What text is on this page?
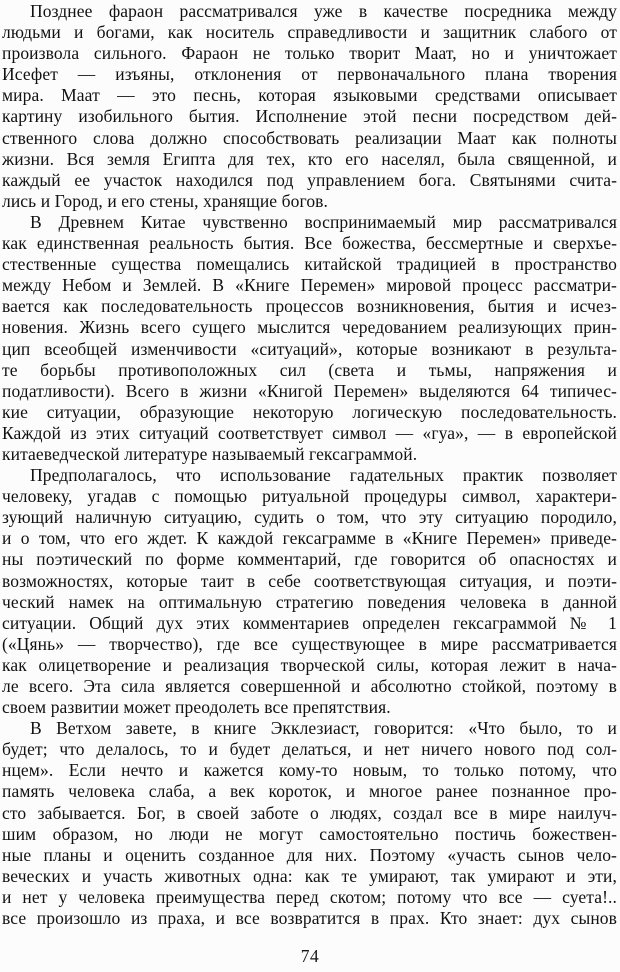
Позднее фараон рассматривался уже в качестве посредника между
людьми и богами, как носитель справедливости и защитник слабого от
произвола сильного. Фараон не только творит Маат, но и уничтожает
Исефет — изъяны, отклонения от первоначального плана творения
мира. Маат — это песнь, которая языковыми средствами описывает
картину изобильного бытия. Исполнение этой песни посредством дей-
ственного слова должно способствовать реализации Маат как полноты
жизни. Вся земля Египта для тех, кто его населял, была священной, и
каждый ее участок находился под управлением бога. Святынями счита-
лись и Город, и его стены, хранящие богов.
В Древнем Китае чувственно воспринимаемый мир рассматривался
как единственная реальность бытия. Все божества, бессмертные и сверхъе-
стественные существа помещались китайской традицией в пространство
между Небом и Землей. В «Книге Перемен» мировой процесс рассматри-
вается как последовательность процессов возникновения, бытия и исчез-
новения. Жизнь всего сущего мыслится чередованием реализующих прин-
цип всеобщей изменчивости «ситуаций», которые возникают в результа-
те борьбы противоположных сил (света и тьмы, напряжения и
податливости). Всего в жизни «Книгой Перемен» выделяются 64 типичес-
кие ситуации, образующие некоторую логическую последовательность.
Каждой из этих ситуаций соответствует символ — «гуа», — в европейской
китаеведческой литературе называемый гексаграммой.
Предполагалось, что использование гадательных практик позволяет
человеку, угадав с помощью ритуальной процедуры символ, характери-
зующий наличную ситуацию, судить о том, что эту ситуацию породило,
и о том, что его ждет. К каждой гексаграмме в «Книге Перемен» приведе-
ны поэтический по форме комментарий, где говорится об опасностях и
возможностях, которые таит в себе соответствующая ситуация, и поэти-
ческий намек на оптимальную стратегию поведения человека в данной
ситуации. Общий дух этих комментариев определен гексаграммой № 1
(«Цянь» — творчество), где все существующее в мире рассматривается
как олицетворение и реализация творческой силы, которая лежит в нача-
ле всего. Эта сила является совершенной и абсолютно стойкой, поэтому в
своем развитии может преодолеть все препятствия.
В Ветхом завете, в книге Экклезиаст, говорится: «Что было, то и
будет; что делалось, то и будет делаться, и нет ничего нового под сол-
нцем». Если нечто и кажется кому-то новым, то только потому, что
память человека слаба, а век короток, и многое ранее познанное про-
сто забывается. Бог, в своей заботе о людях, создал все в мире наилуч-
шим образом, но люди не могут самостоятельно постичь божествен-
ные планы и оценить созданное для них. Поэтому «участь сынов чело-
веческих и участь животных одна: как те умирают, так умирают и эти,
и нет у человека преимущества перед скотом; потому что все — суета!..
все произошло из праха, и все возвратится в прах. Кто знает: дух сынов
74
